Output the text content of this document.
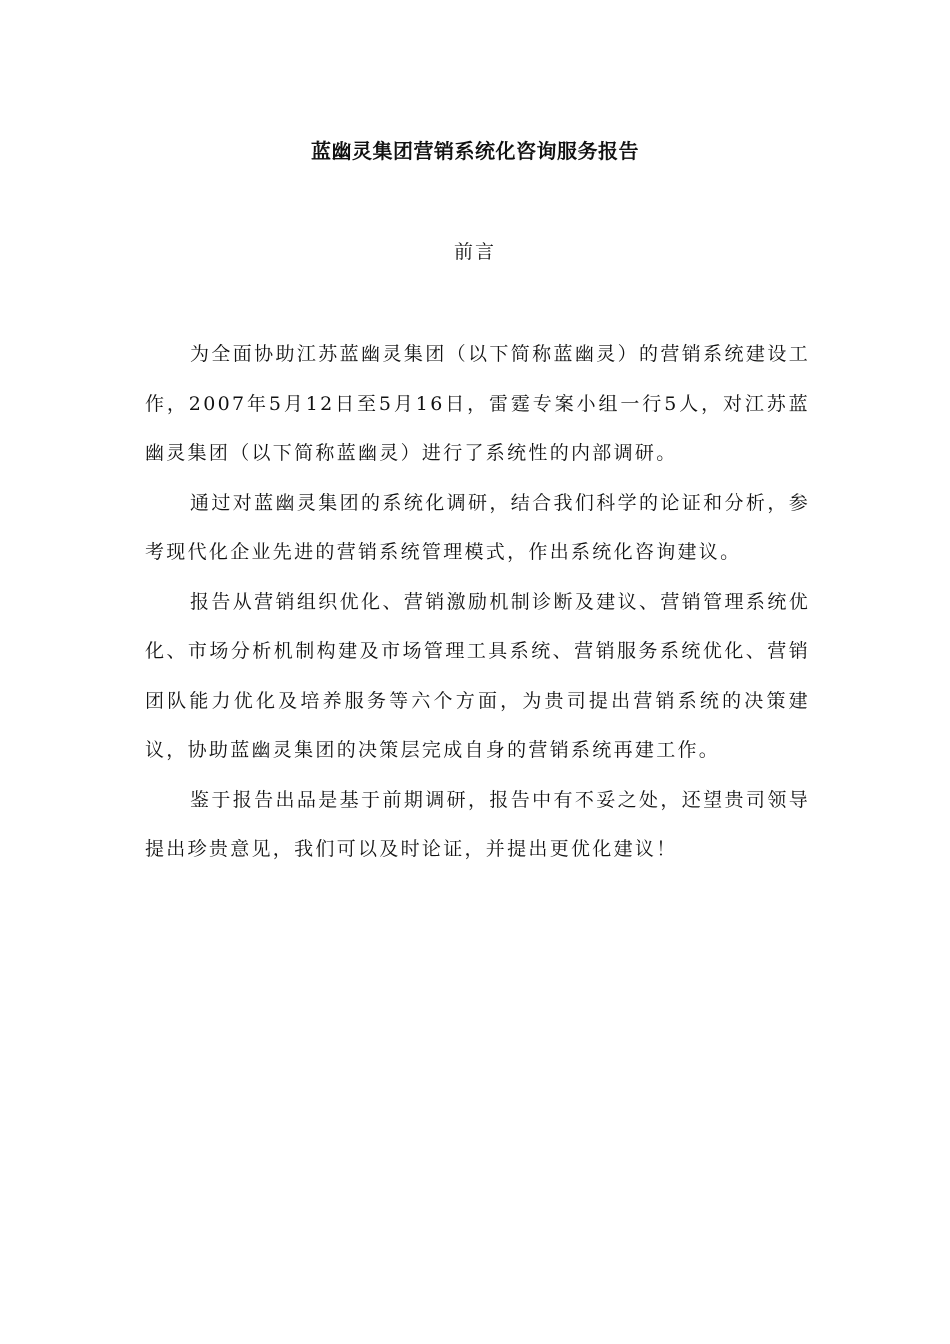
蓝幽灵集团营销系统化咨询服务报告
前言

为全面协助江苏蓝幽灵集团（以下简称蓝幽灵）的营销系统建设工作，2007年5月12日至5月16日，雷霆专案小组一行5人，对江苏蓝幽灵集团（以下简称蓝幽灵）进行了系统性的内部调研。

通过对蓝幽灵集团的系统化调研，结合我们科学的论证和分析，参考现代化企业先进的营销系统管理模式，作出系统化咨询建议。

报告从营销组织优化、营销激励机制诊断及建议、营销管理系统优化、市场分析机制构建及市场管理工具系统、营销服务系统优化、营销团队能力优化及培养服务等六个方面，为贵司提出营销系统的决策建议，协助蓝幽灵集团的决策层完成自身的营销系统再建工作。

鉴于报告出品是基于前期调研，报告中有不妥之处，还望贵司领导提出珍贵意见，我们可以及时论证，并提出更优化建议！
